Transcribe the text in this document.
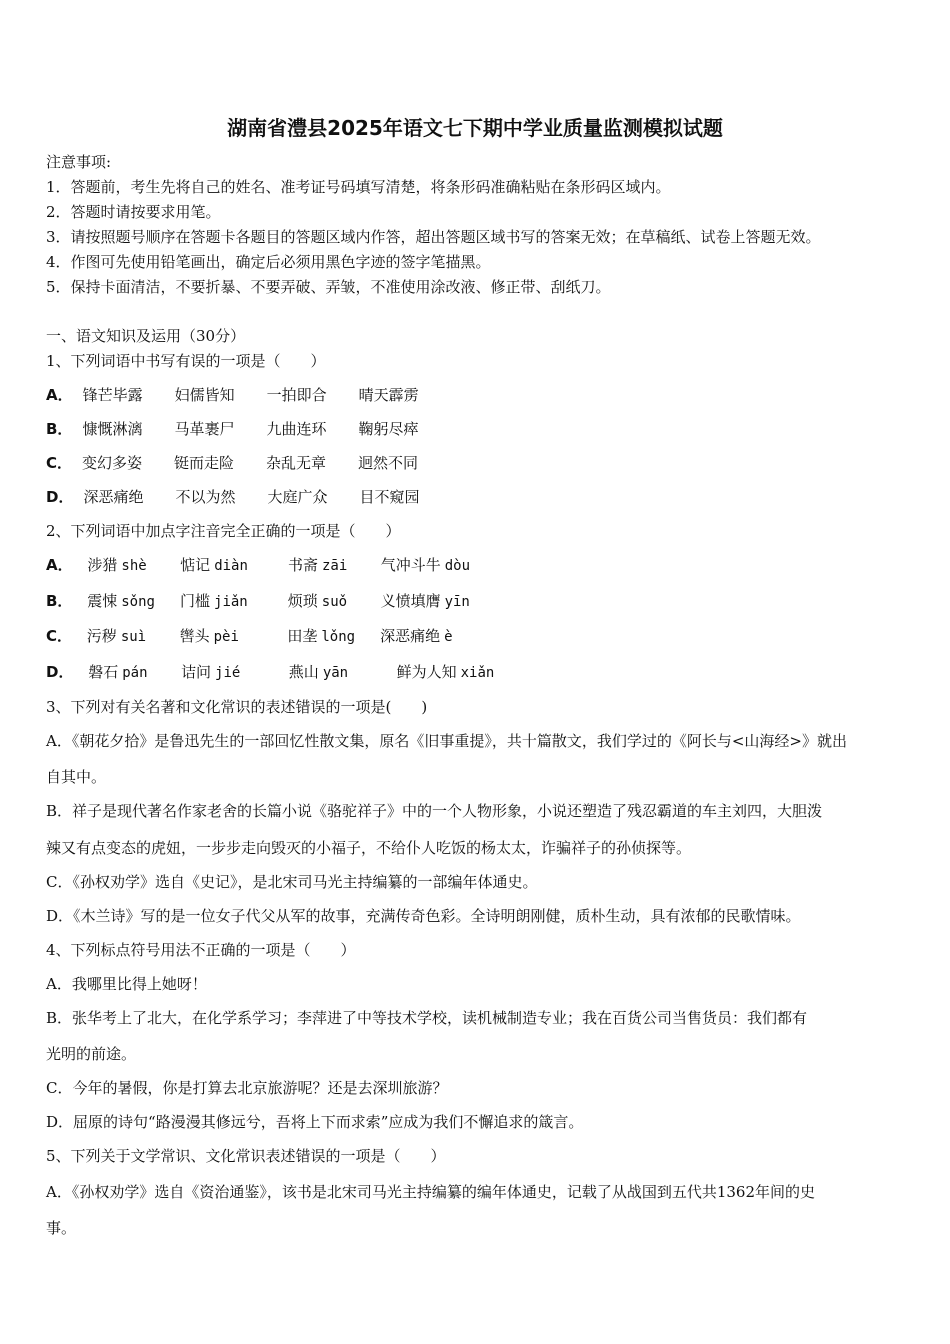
湖南省澧县2025年语文七下期中学业质量监测模拟试题
注意事项:
1．答题前，考生先将自己的姓名、准考证号码填写清楚，将条形码准确粘贴在条形码区域内。
2．答题时请按要求用笔。
3．请按照题号顺序在答题卡各题目的答题区域内作答，超出答题区域书写的答案无效；在草稿纸、试卷上答题无效。
4．作图可先使用铅笔画出，确定后必须用黑色字迹的签字笔描黑。
5．保持卡面清洁，不要折暴、不要弄破、弄皱，不准使用涂改液、修正带、刮纸刀。
一、语文知识及运用（30分）
1、下列词语中书写有误的一项是（　　）
A． 锋芒毕露 妇儒皆知 一拍即合 晴天霹雳
B． 慷慨淋漓 马革裹尸 九曲连环 鞠躬尽瘁
C． 变幻多姿 铤而走险 杂乱无章 迥然不同
D． 深恶痛绝 不以为然 大庭广众 目不窥园
2、下列词语中加点字注音完全正确的一项是（　　）
A． 涉猎 shè 惦记 diàn	书斋 zāi 气冲斗牛 dòu
B． 震悚 sǒng 门槛 jiǎn	烦琐 suǒ 义愤填膺 yīn
C． 污秽 suì 辔头 pèi	田垄 lǒng 深恶痛绝 è
D． 磐石 pán 诘问 jié	燕山 yān	鲜为人知 xiǎn
3、下列对有关名著和文化常识的表述错误的一项是(　　)
A．《朝花夕拾》是鲁迅先生的一部回忆性散文集，原名《旧事重提》，共十篇散文，我们学过的《阿长与<山海经>》就出
自其中。
B．祥子是现代著名作家老舍的长篇小说《骆驼祥子》中的一个人物形象，小说还塑造了残忍霸道的车主刘四，大胆泼
辣又有点变态的虎妞，一步步走向毁灭的小福子，不给仆人吃饭的杨太太，诈骗祥子的孙侦探等。
C．《孙权劝学》选自《史记》，是北宋司马光主持编纂的一部编年体通史。
D．《木兰诗》写的是一位女子代父从军的故事，充满传奇色彩。全诗明朗刚健，质朴生动，具有浓郁的民歌情味。
4、下列标点符号用法不正确的一项是（　　）
A．我哪里比得上她呀！
B．张华考上了北大，在化学系学习；李萍进了中等技术学校，读机械制造专业；我在百货公司当售货员：我们都有
光明的前途。
C．今年的暑假，你是打算去北京旅游呢？还是去深圳旅游？
D．屈原的诗句“路漫漫其修远兮，吾将上下而求索”应成为我们不懈追求的箴言。
5、下列关于文学常识、文化常识表述错误的一项是（　　）
A．《孙权劝学》选自《资治通鉴》，该书是北宋司马光主持编纂的编年体通史，记载了从战国到五代共1362年间的史
事。
